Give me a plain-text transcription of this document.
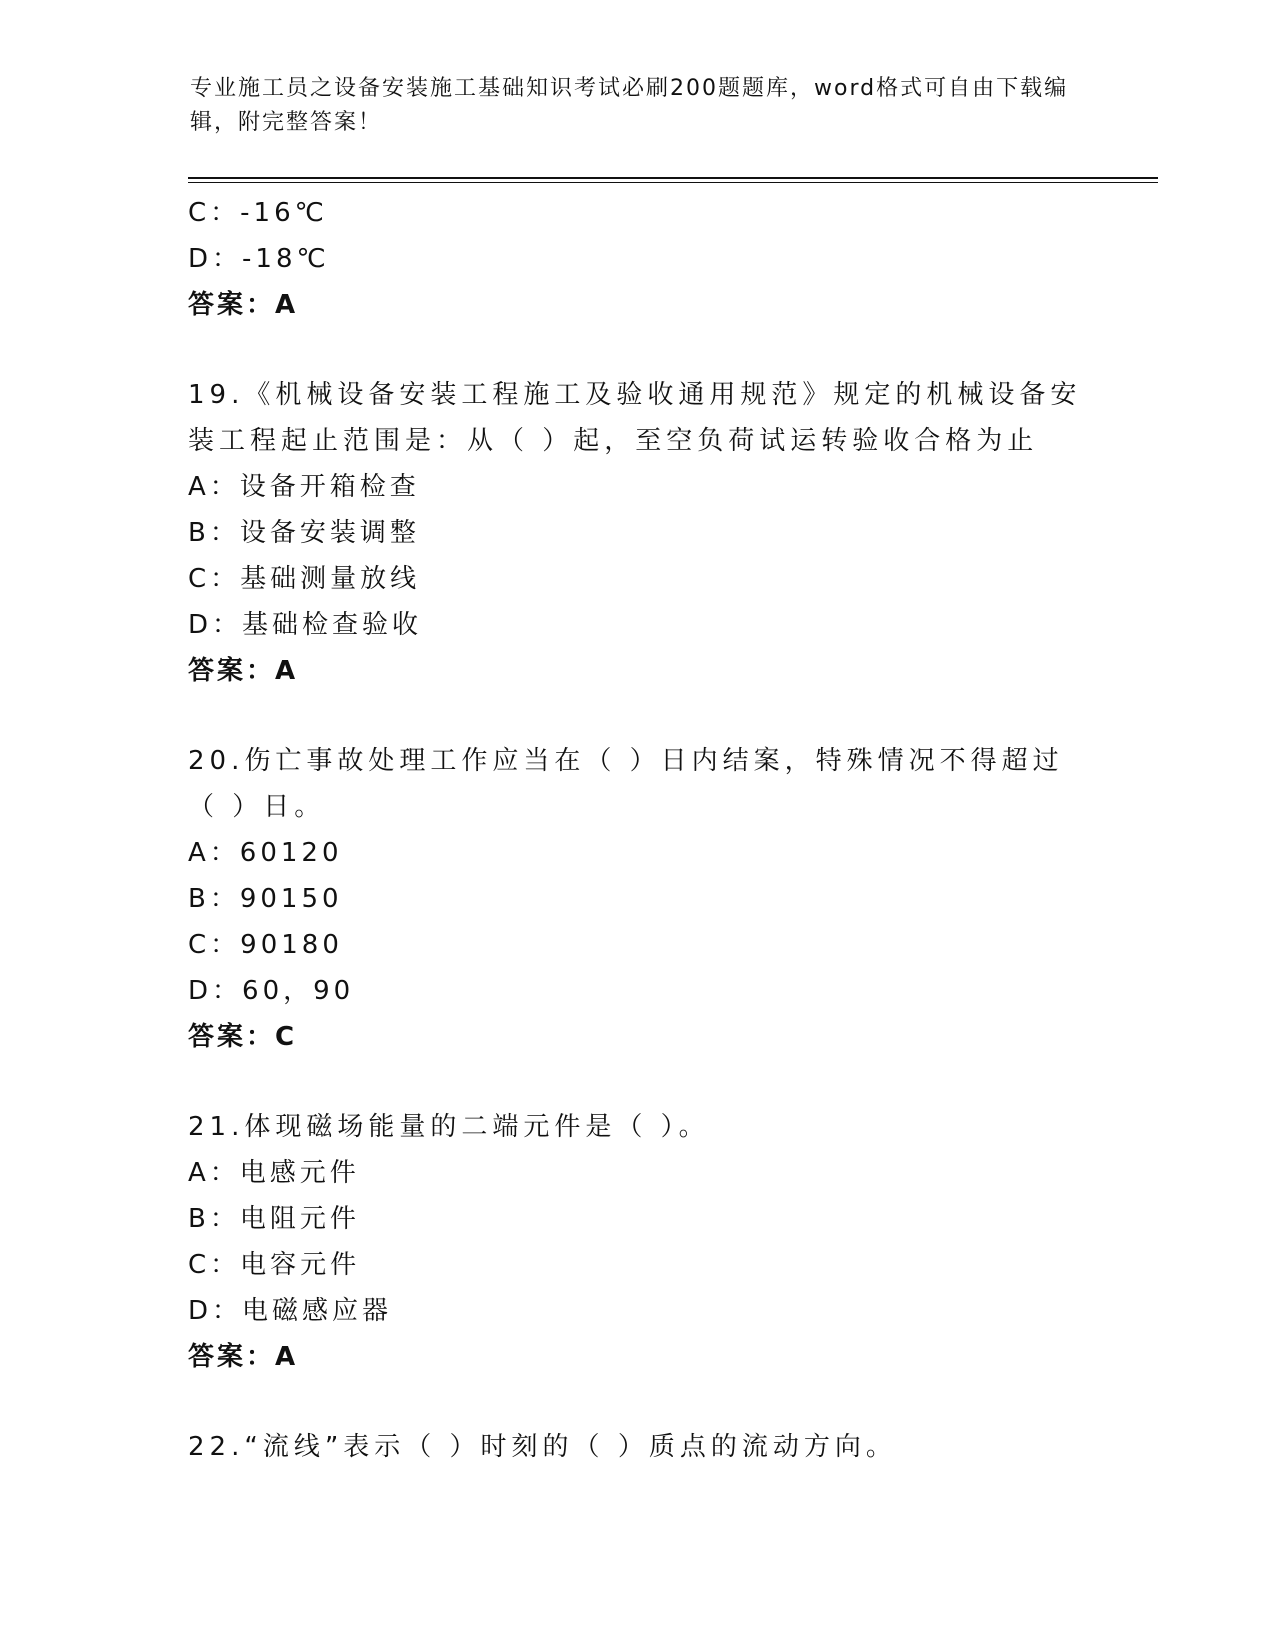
专业施工员之设备安装施工基础知识考试必刷200题题库，word格式可自由下载编辑，附完整答案！
C：-16℃
D：-18℃
答案：A
19.《机械设备安装工程施工及验收通用规范》规定的机械设备安装工程起止范围是：从（ ）起，至空负荷试运转验收合格为止
A：设备开箱检查
B：设备安装调整
C：基础测量放线
D：基础检查验收
答案：A
20.伤亡事故处理工作应当在（ ）日内结案，特殊情况不得超过（ ）日。
A：60120
B：90150
C：90180
D：60，90
答案：C
21.体现磁场能量的二端元件是（ ）。
A：电感元件
B：电阻元件
C：电容元件
D：电磁感应器
答案：A
22.“流线”表示（ ）时刻的（ ）质点的流动方向。
